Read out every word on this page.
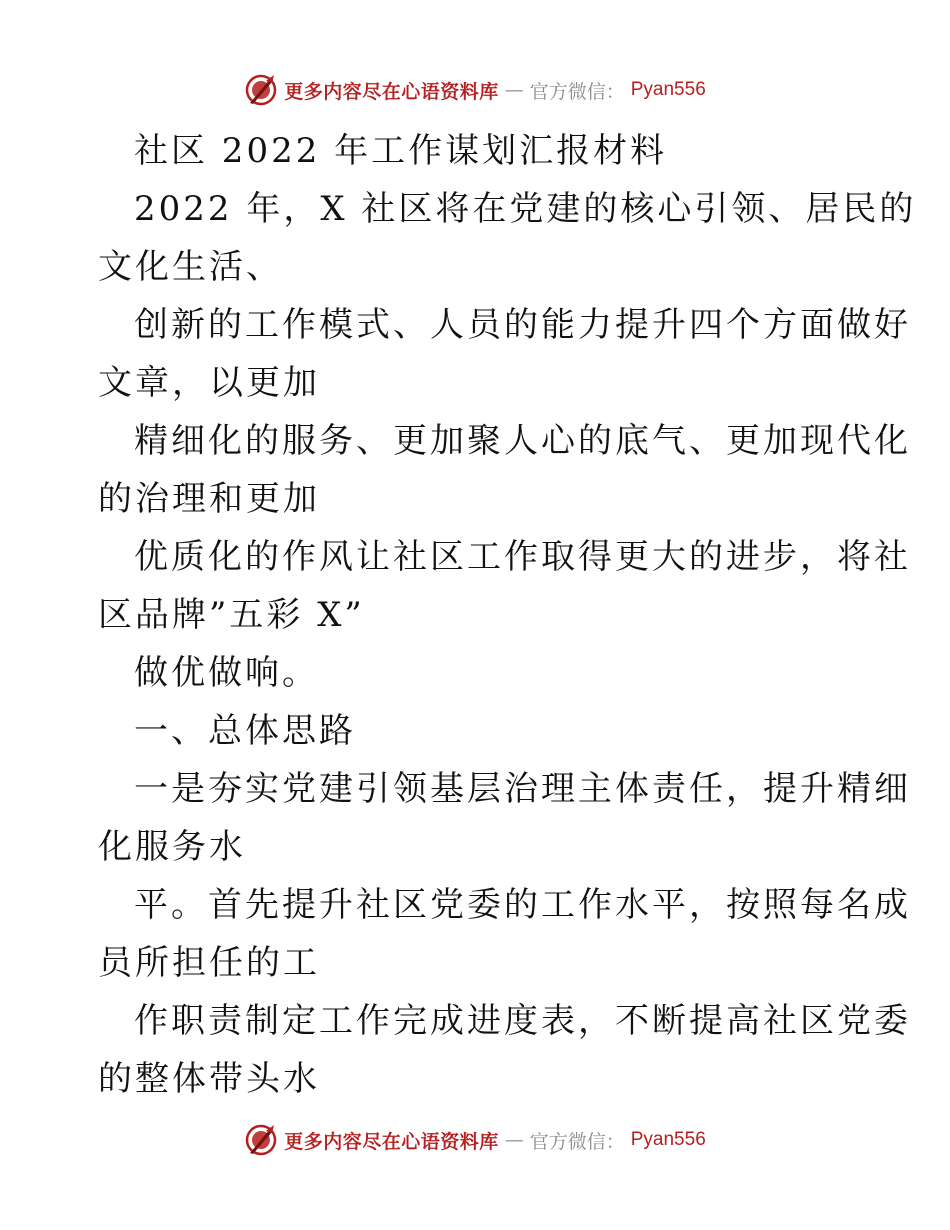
更多内容尽在心语资料库 — 官方微信： Pyan556
社区 2022 年工作谋划汇报材料
2022 年，X 社区将在党建的核心引领、居民的
文化生活、
创新的工作模式、人员的能力提升四个方面做好
文章，以更加
精细化的服务、更加聚人心的底气、更加现代化
的治理和更加
优质化的作风让社区工作取得更大的进步，将社
区品牌”五彩 X”
做优做响。
一、总体思路
一是夯实党建引领基层治理主体责任，提升精细
化服务水
平。首先提升社区党委的工作水平，按照每名成
员所担任的工
作职责制定工作完成进度表，不断提高社区党委
的整体带头水
更多内容尽在心语资料库 — 官方微信： Pyan556
